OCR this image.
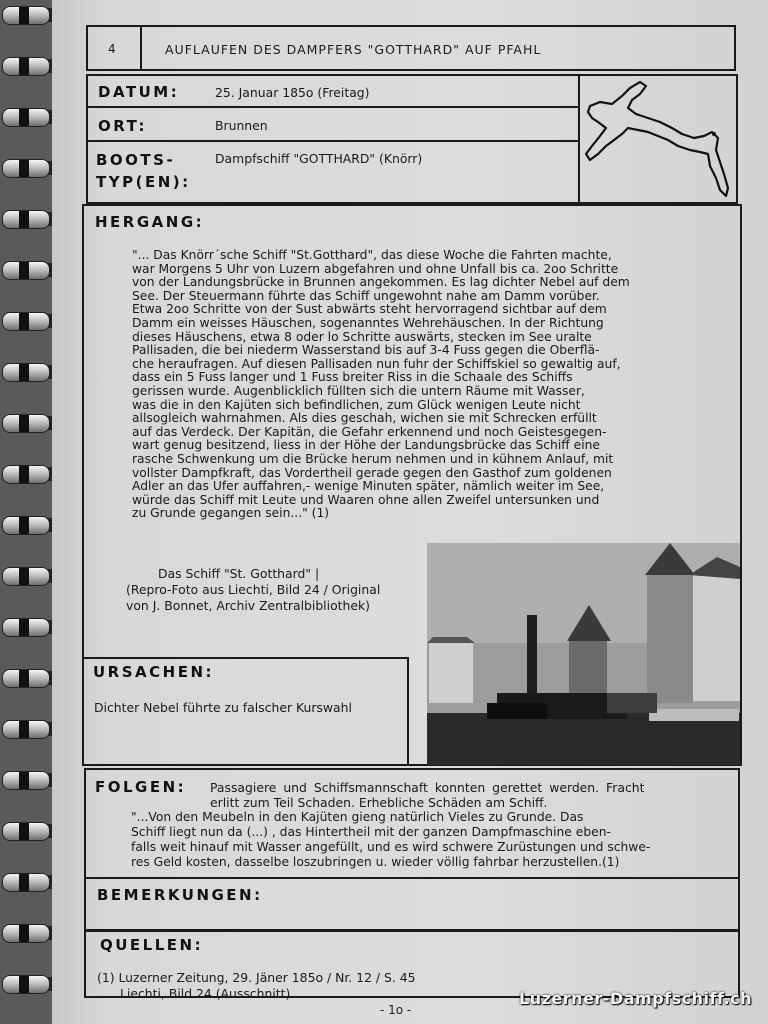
4	AUFLAUFEN DES DAMPFERS "GOTTHARD" AUF PFAHL
DATUM:	25. Januar 185o (Freitag)
ORT:	Brunnen
BOOTS-
TYP(EN):
Dampfschiff "GOTTHARD" (Knörr)
HERGANG:
"... Das Knörr´sche Schiff "St.Gotthard", das diese Woche die Fahrten machte,
war Morgens 5 Uhr von Luzern abgefahren und ohne Unfall bis ca. 2oo Schritte
von der Landungsbrücke in Brunnen angekommen. Es lag dichter Nebel auf dem
See. Der Steuermann führte das Schiff ungewohnt nahe am Damm vorüber.
Etwa 2oo Schritte von der Sust abwärts steht hervorragend sichtbar auf dem
Damm ein weisses Häuschen, sogenanntes Wehrehäuschen. In der Richtung
dieses Häuschens, etwa 8 oder lo Schritte auswärts, stecken im See uralte
Pallisaden, die bei niederm Wasserstand bis auf 3-4 Fuss gegen die Oberflä-
che heraufragen. Auf diesen Pallisaden nun fuhr der Schiffskiel so gewaltig auf,
dass ein 5 Fuss langer und 1 Fuss breiter Riss in die Schaale des Schiffs
gerissen wurde. Augenblicklich füllten sich die untern Räume mit Wasser,
was die in den Kajüten sich befindlichen, zum Glück wenigen Leute nicht
allsogleich wahrnahmen. Als dies geschah, wichen sie mit Schrecken erfüllt
auf das Verdeck. Der Kapitän, die Gefahr erkennend und noch Geistesgegen-
wart genug besitzend, liess in der Höhe der Landungsbrücke das Schiff eine
rasche Schwenkung um die Brücke herum nehmen und in kühnem Anlauf, mit
vollster Dampfkraft, das Vordertheil gerade gegen den Gasthof zum goldenen
Adler an das Ufer auffahren,- wenige Minuten später, nämlich weiter im See,
würde das Schiff mit Leute und Waaren ohne allen Zweifel untersunken und
zu Grunde gegangen sein..." (1)
Das Schiff "St. Gotthard" |
(Repro-Foto aus Liechti, Bild 24 / Original
von J. Bonnet, Archiv Zentralbibliothek)
URSACHEN:
Dichter Nebel führte zu falscher Kurswahl
FOLGEN: Passagiere und Schiffsmannschaft konnten gerettet werden. Fracht
erlitt zum Teil Schaden. Erhebliche Schäden am Schiff.
"...Von den Meubeln in den Kajüten gieng natürlich Vieles zu Grunde. Das
Schiff liegt nun da (...) , das Hintertheil mit der ganzen Dampfmaschine eben-
falls weit hinauf mit Wasser angefüllt, und es wird schwere Zurüstungen und schwe-
res Geld kosten, dasselbe loszubringen u. wieder völlig fahrbar herzustellen.(1)
BEMERKUNGEN:
QUELLEN:
(1) Luzerner Zeitung, 29. Jäner 185o / Nr. 12 / S. 45
Liechti, Bild 24 (Ausschnitt)
- 1o -
Luzerner-Dampfschiff.ch
